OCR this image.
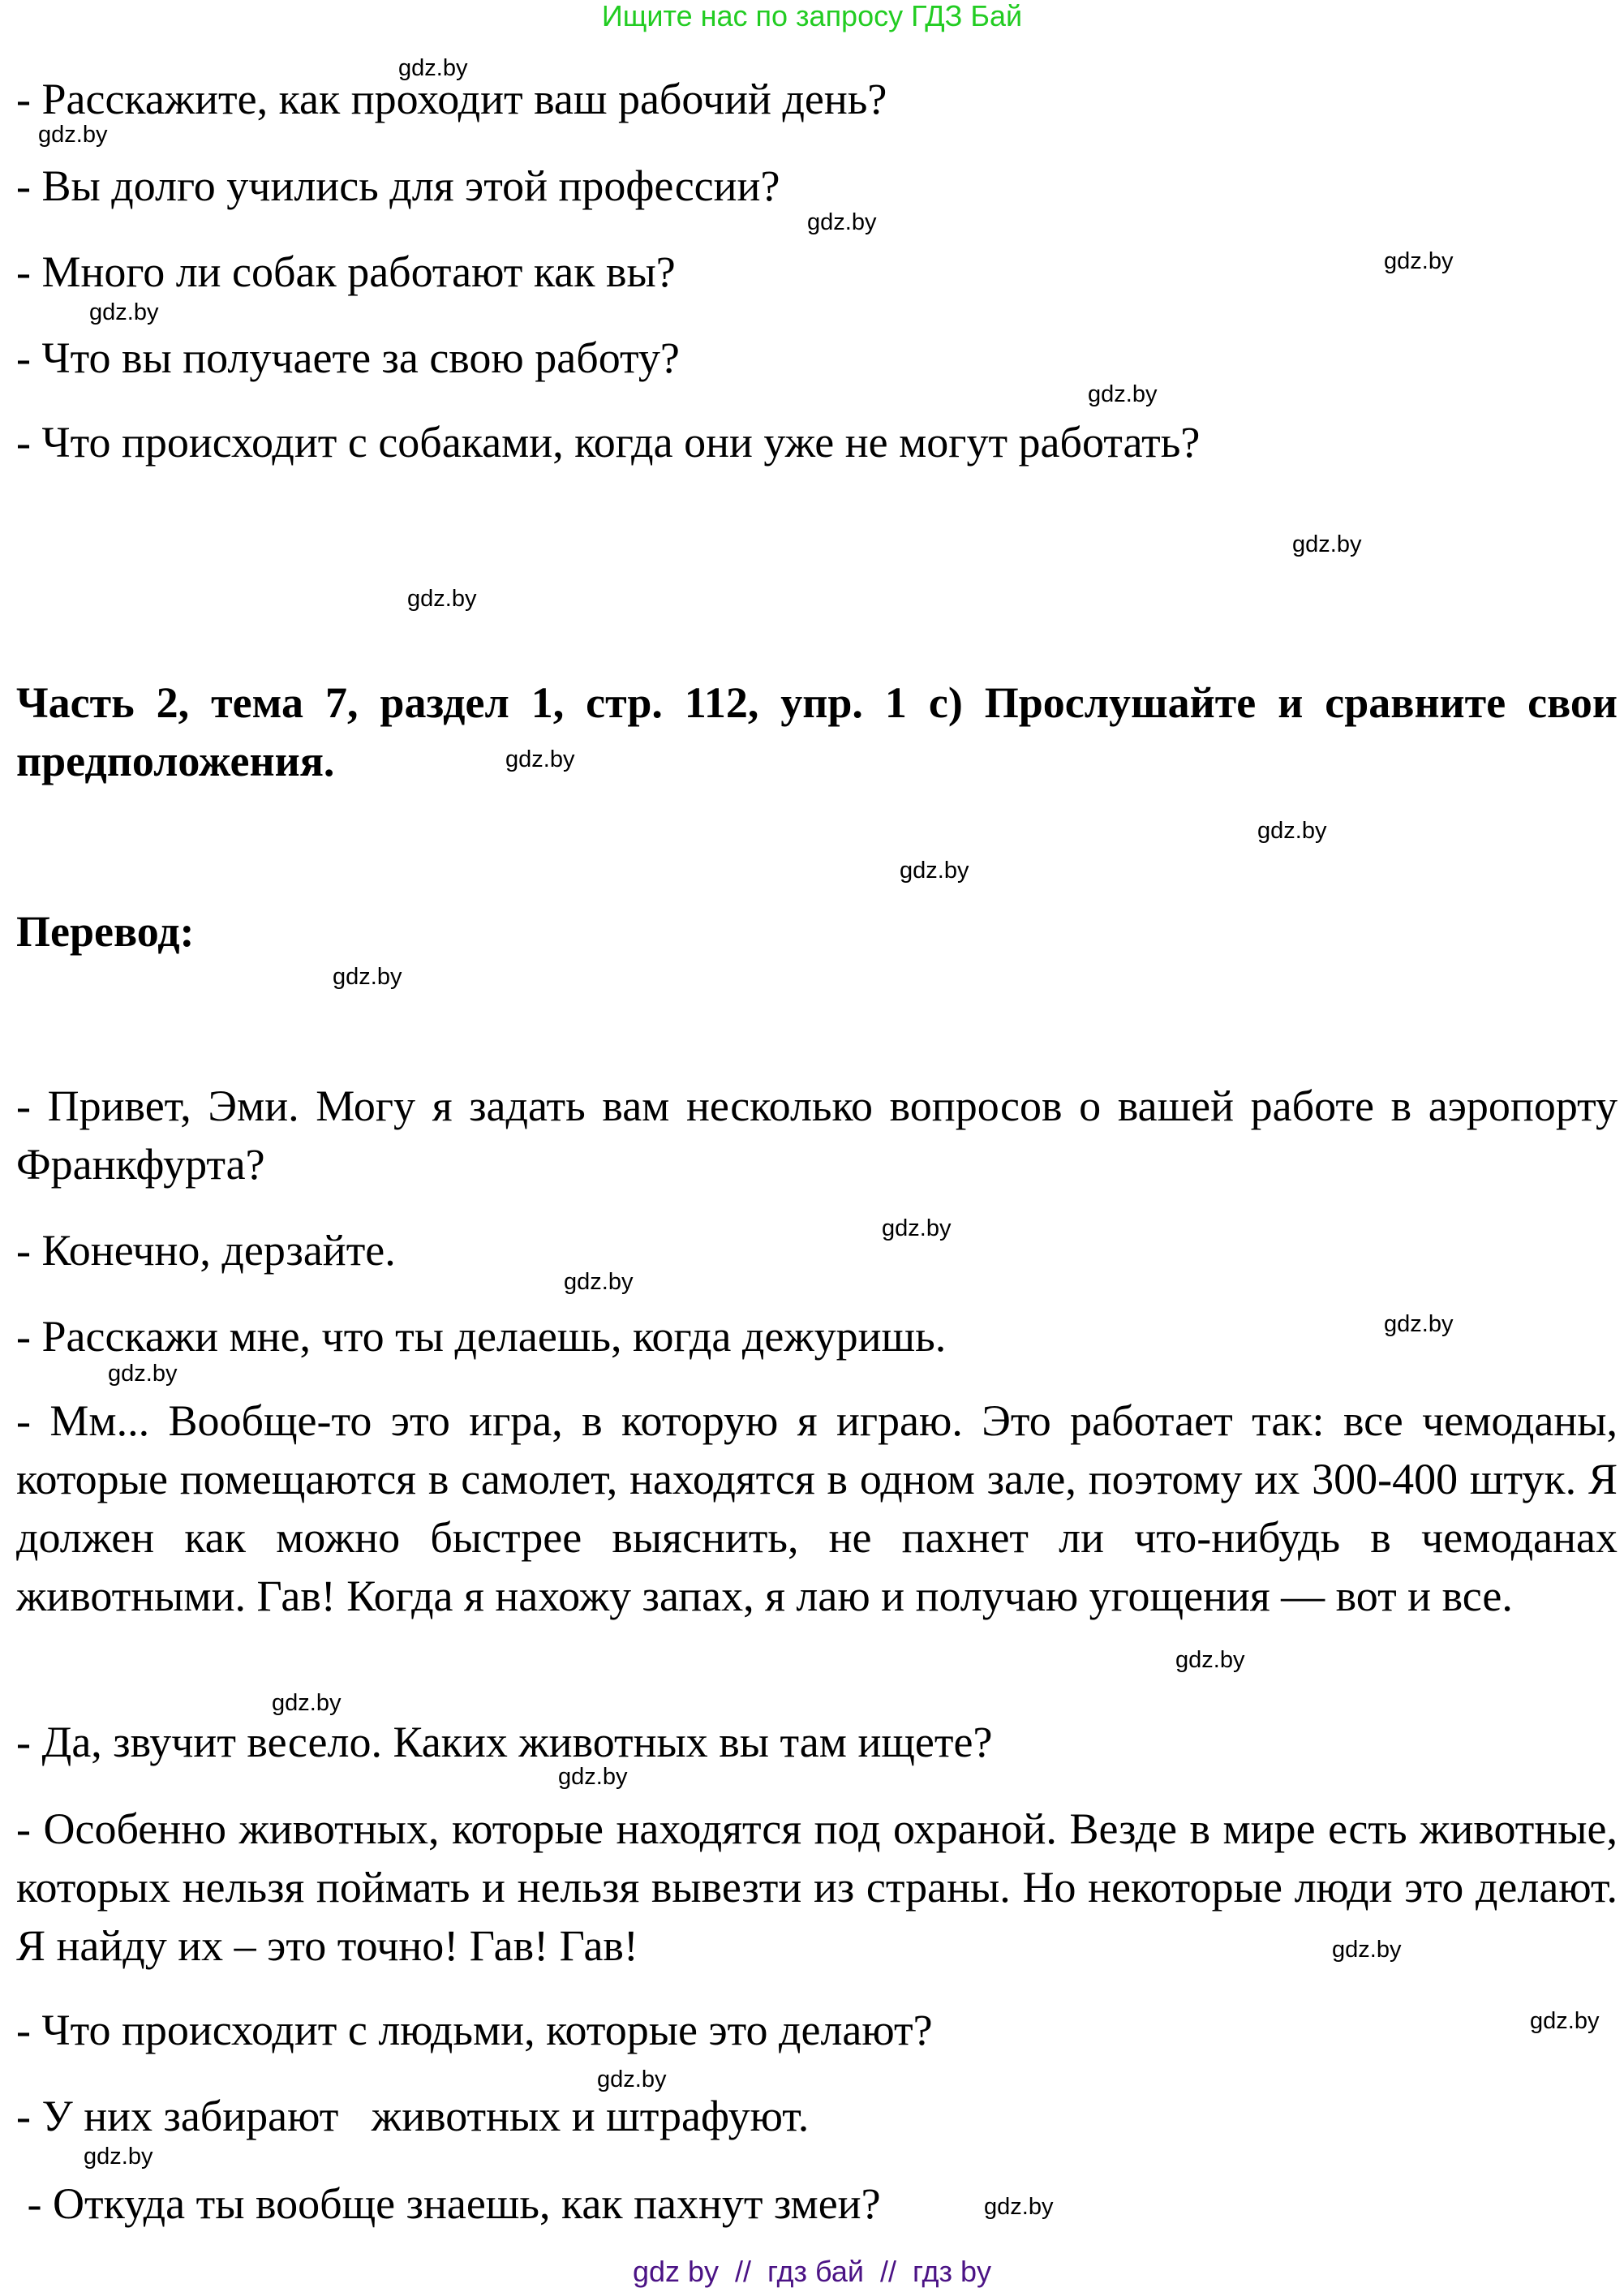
Ищите нас по запросу ГДЗ Бай

- Расскажите, как проходит ваш рабочий день?

- Вы долго учились для этой профессии?

- Много ли собак работают как вы?

- Что вы получаете за свою работу?

- Что происходит с собаками, когда они уже не могут работать?

Часть 2, тема 7, раздел 1, стр. 112, упр. 1 c) Прослушайте и сравните свои предположения.

Перевод:

- Привет, Эми. Могу я задать вам несколько вопросов о вашей работе в аэропорту Франкфурта?

- Конечно, дерзайте.

- Расскажи мне, что ты делаешь, когда дежуришь.

- Мм... Вообще-то это игра, в которую я играю. Это работает так: все чемоданы, которые помещаются в самолет, находятся в одном зале, поэтому их 300-400 штук. Я должен как можно быстрее выяснить, не пахнет ли что-нибудь в чемоданах животными. Гав! Когда я нахожу запах, я лаю и получаю угощения — вот и все.

- Да, звучит весело. Каких животных вы там ищете?

- Особенно животных, которые находятся под охраной. Везде в мире есть животные, которых нельзя поймать и нельзя вывезти из страны. Но некоторые люди это делают. Я найду их – это точно! Гав! Гав!

- Что происходит с людьми, которые это делают?

- У них забирают   животных и штрафуют.

- Откуда ты вообще знаешь, как пахнут змеи?

gdz.by
gdz.by
gdz.by
gdz.by
gdz.by
gdz.by
gdz.by
gdz.by
gdz.by
gdz.by
gdz.by
gdz.by
gdz.by
gdz.by
gdz.by
gdz.by
gdz.by
gdz.by
gdz.by
gdz.by
gdz.by
gdz.by
gdz.by
gdz.by
gdz by  //  гдз бай  //  гдз by
